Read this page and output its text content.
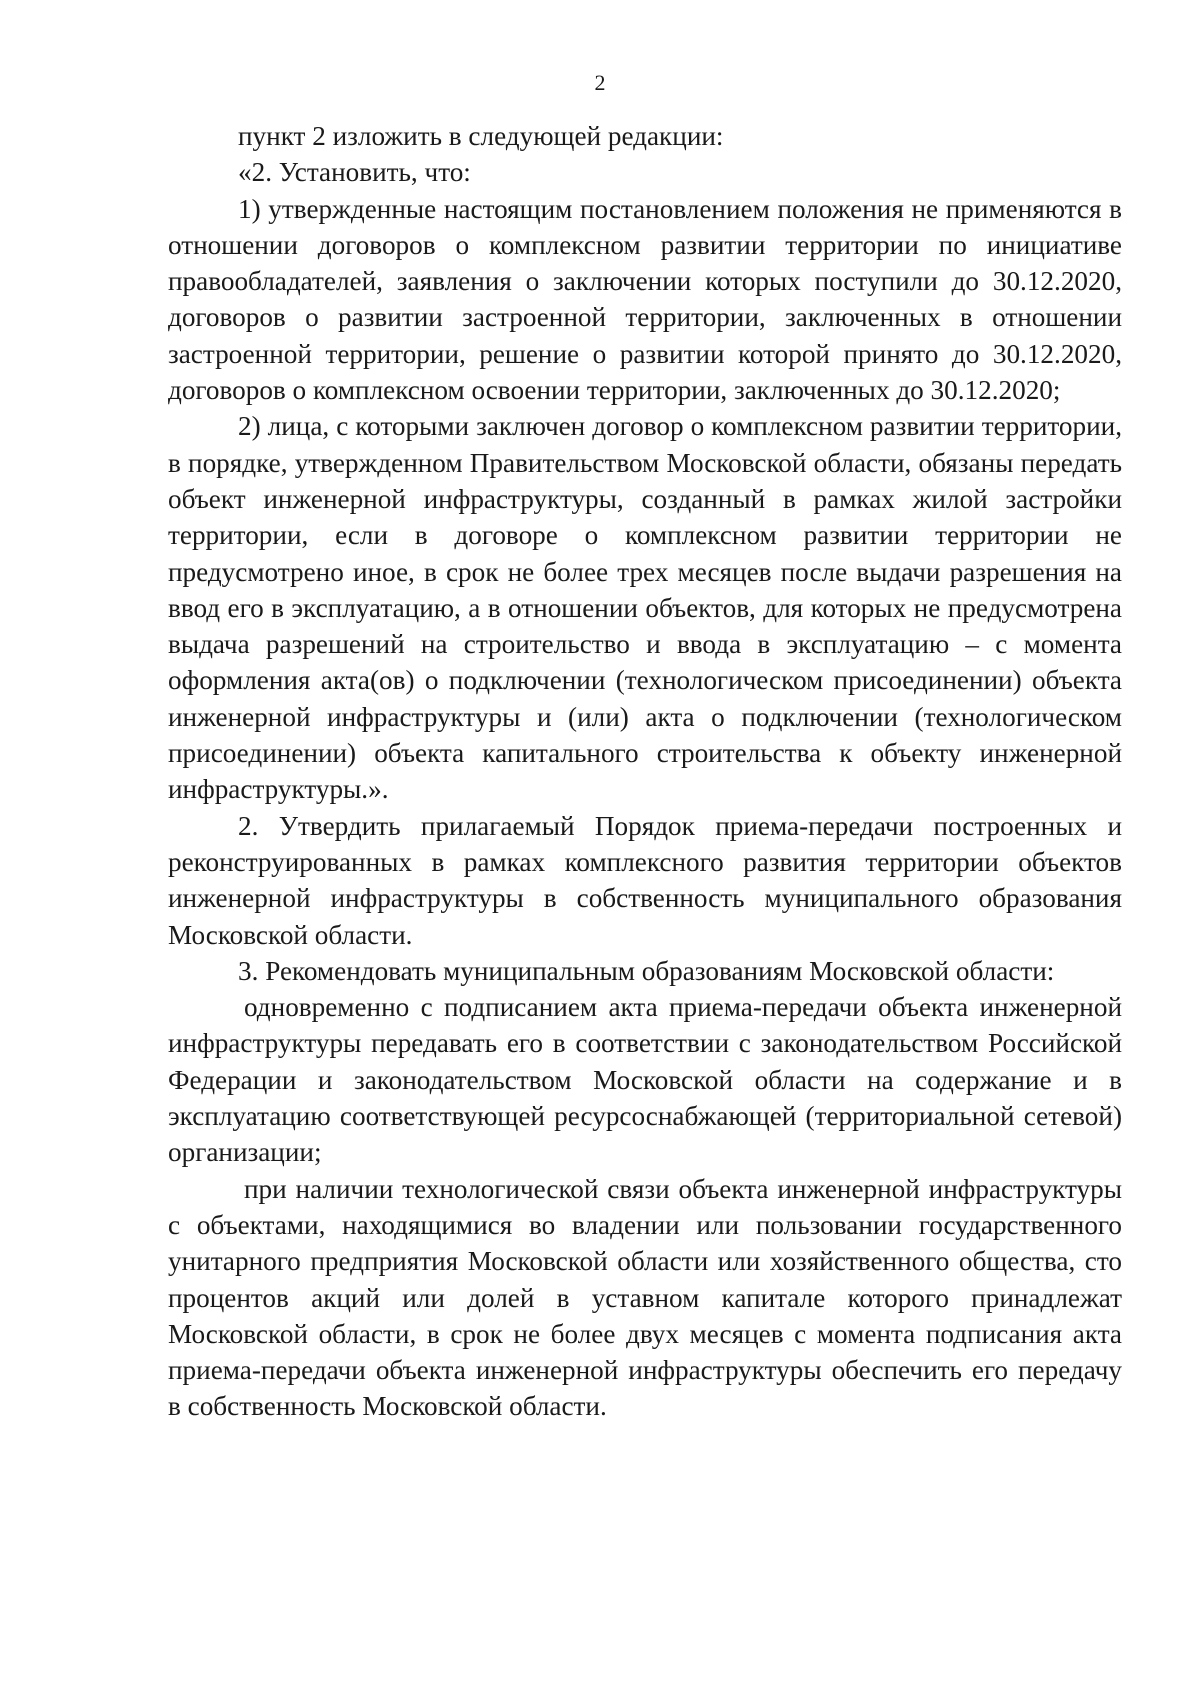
2

пункт 2 изложить в следующей редакции:

«2. Установить, что:

1) утвержденные настоящим постановлением положения не применяются в отношении договоров о комплексном развитии территории по инициативе правообладателей, заявления о заключении которых поступили до 30.12.2020, договоров о развитии застроенной территории, заключенных в отношении застроенной территории, решение о развитии которой принято до 30.12.2020, договоров о комплексном освоении территории, заключенных до 30.12.2020;

2) лица, с которыми заключен договор о комплексном развитии территории, в порядке, утвержденном Правительством Московской области, обязаны передать объект инженерной инфраструктуры, созданный в рамках жилой застройки территории, если в договоре о комплексном развитии территории не предусмотрено иное, в срок не более трех месяцев после выдачи разрешения на ввод его в эксплуатацию, а в отношении объектов, для которых не предусмотрена выдача разрешений на строительство и ввода в эксплуатацию – с момента оформления акта(ов) о подключении (технологическом присоединении) объекта инженерной инфраструктуры и (или) акта о подключении (технологическом присоединении) объекта капитального строительства к объекту инженерной инфраструктуры.».

2. Утвердить прилагаемый Порядок приема-передачи построенных и реконструированных в рамках комплексного развития территории объектов инженерной инфраструктуры в собственность муниципального образования Московской области.

3. Рекомендовать муниципальным образованиям Московской области:

одновременно с подписанием акта приема-передачи объекта инженерной инфраструктуры передавать его в соответствии с законодательством Российской Федерации и законодательством Московской области на содержание и в эксплуатацию соответствующей ресурсоснабжающей (территориальной сетевой) организации;

при наличии технологической связи объекта инженерной инфраструктуры с объектами, находящимися во владении или пользовании государственного унитарного предприятия Московской области или хозяйственного общества, сто процентов акций или долей в уставном капитале которого принадлежат Московской области, в срок не более двух месяцев с момента подписания акта приема-передачи объекта инженерной инфраструктуры обеспечить его передачу в собственность Московской области.
